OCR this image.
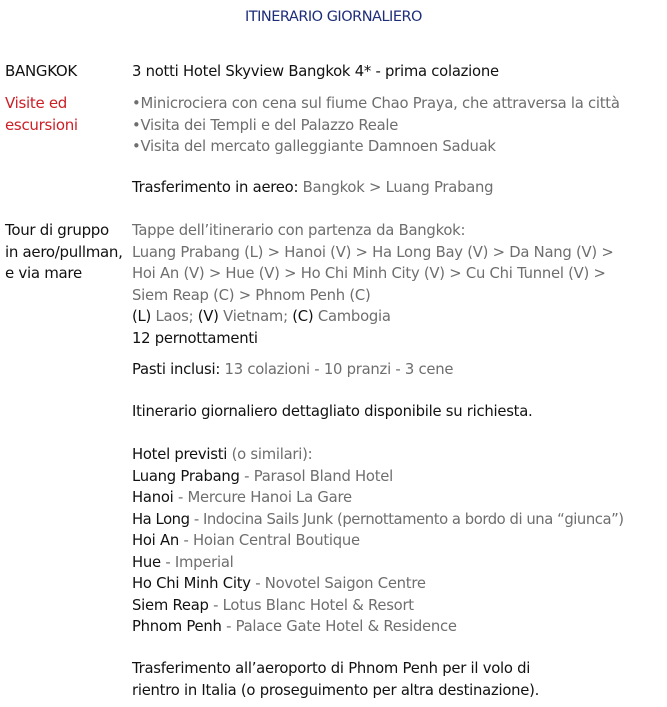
ITINERARIO GIORNALIERO
BANGKOK	3 notti Hotel Skyview Bangkok 4* - prima colazione
Visite ed
escursioni
•Minicrociera con cena sul fiume Chao Praya, che attraversa la città
•Visita dei Templi e del Palazzo Reale
•Visita del mercato galleggiante Damnoen Saduak
Trasferimento in aereo: Bangkok > Luang Prabang
Tour di gruppo
in aero/pullman,
e via mare
Tappe dell’itinerario con partenza da Bangkok:
Luang Prabang (L) > Hanoi (V) > Ha Long Bay (V) > Da Nang (V) >
Hoi An (V) > Hue (V) > Ho Chi Minh City (V) > Cu Chi Tunnel (V) >
Siem Reap (C) > Phnom Penh (C)
(L) Laos; (V) Vietnam; (C) Cambogia
12 pernottamenti
Pasti inclusi: 13 colazioni - 10 pranzi - 3 cene
Itinerario giornaliero dettagliato disponibile su richiesta.
Hotel previsti (o similari):
Luang Prabang - Parasol Bland Hotel
Hanoi - Mercure Hanoi La Gare
Ha Long - Indocina Sails Junk (pernottamento a bordo di una “giunca”)
Hoi An - Hoian Central Boutique
Hue - Imperial
Ho Chi Minh City - Novotel Saigon Centre
Siem Reap - Lotus Blanc Hotel & Resort
Phnom Penh - Palace Gate Hotel & Residence
Trasferimento all’aeroporto di Phnom Penh per il volo di
rientro in Italia (o proseguimento per altra destinazione).
